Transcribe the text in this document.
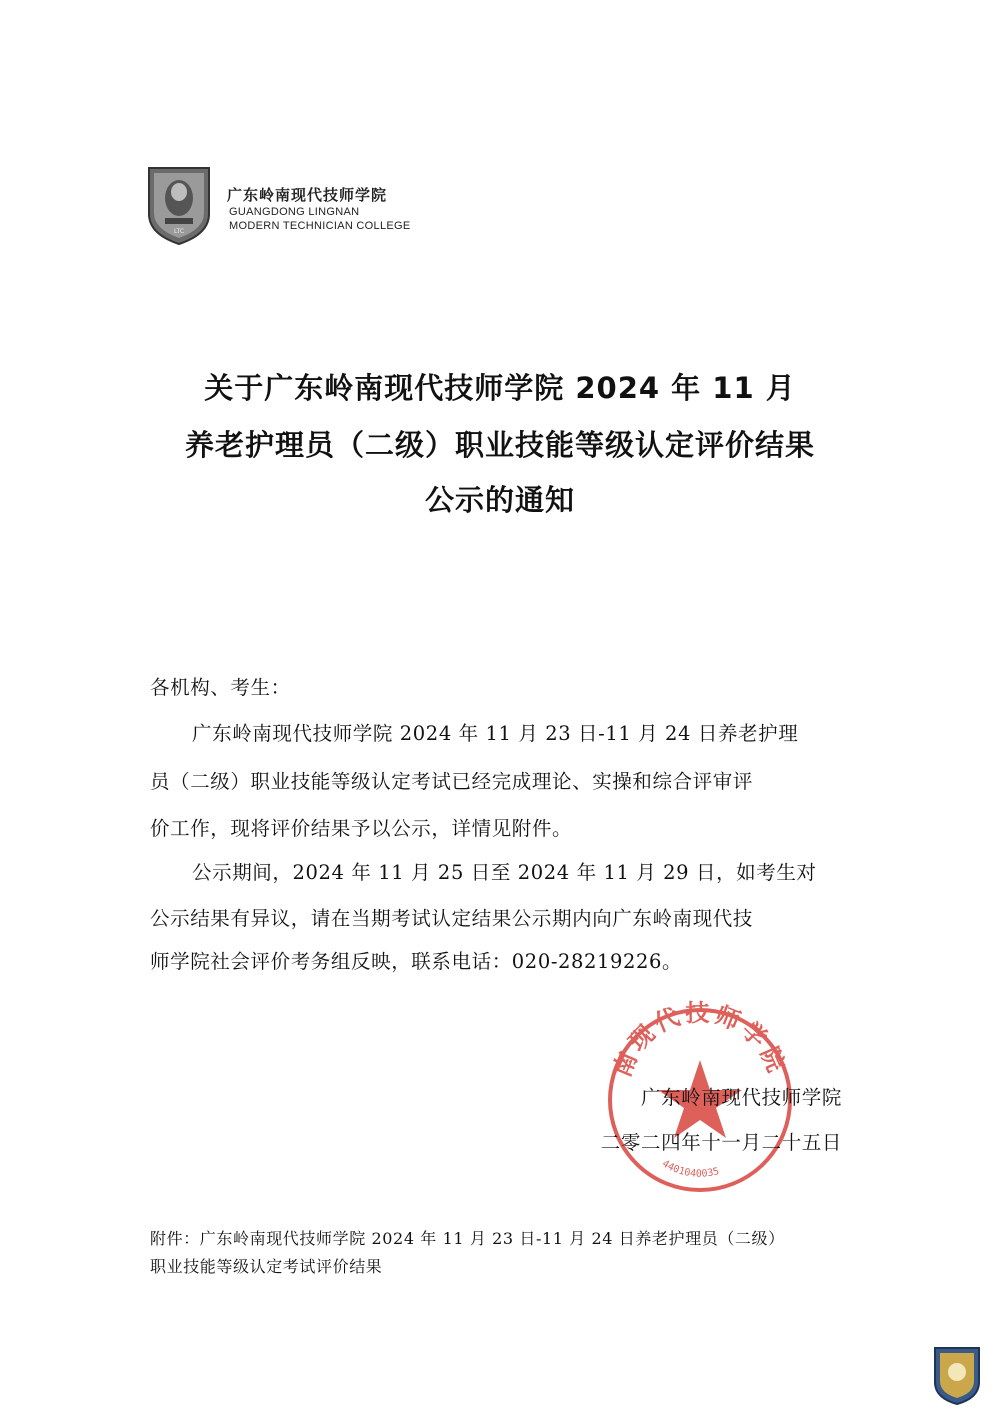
LTC
广东岭南现代技师学院
GUANGDONG LINGNAN
MODERN TECHNICIAN COLLEGE
关于广东岭南现代技师学院 2024 年 11 月
养老护理员（二级）职业技能等级认定评价结果
公示的通知
各机构、考生：
广东岭南现代技师学院 2024 年 11 月 23 日-11 月 24 日养老护理
员（二级）职业技能等级认定考试已经完成理论、实操和综合评审评
价工作，现将评价结果予以公示，详情见附件。
公示期间，2024 年 11 月 25 日至 2024 年 11 月 29 日，如考生对
公示结果有异议，请在当期考试认定结果公示期内向广东岭南现代技
师学院社会评价考务组反映，联系电话：020-28219226。
南现代技师学院
4401040035
广东岭南现代技师学院
二零二四年十一月二十五日
附件：广东岭南现代技师学院 2024 年 11 月 23 日-11 月 24 日养老护理员（二级）
职业技能等级认定考试评价结果
